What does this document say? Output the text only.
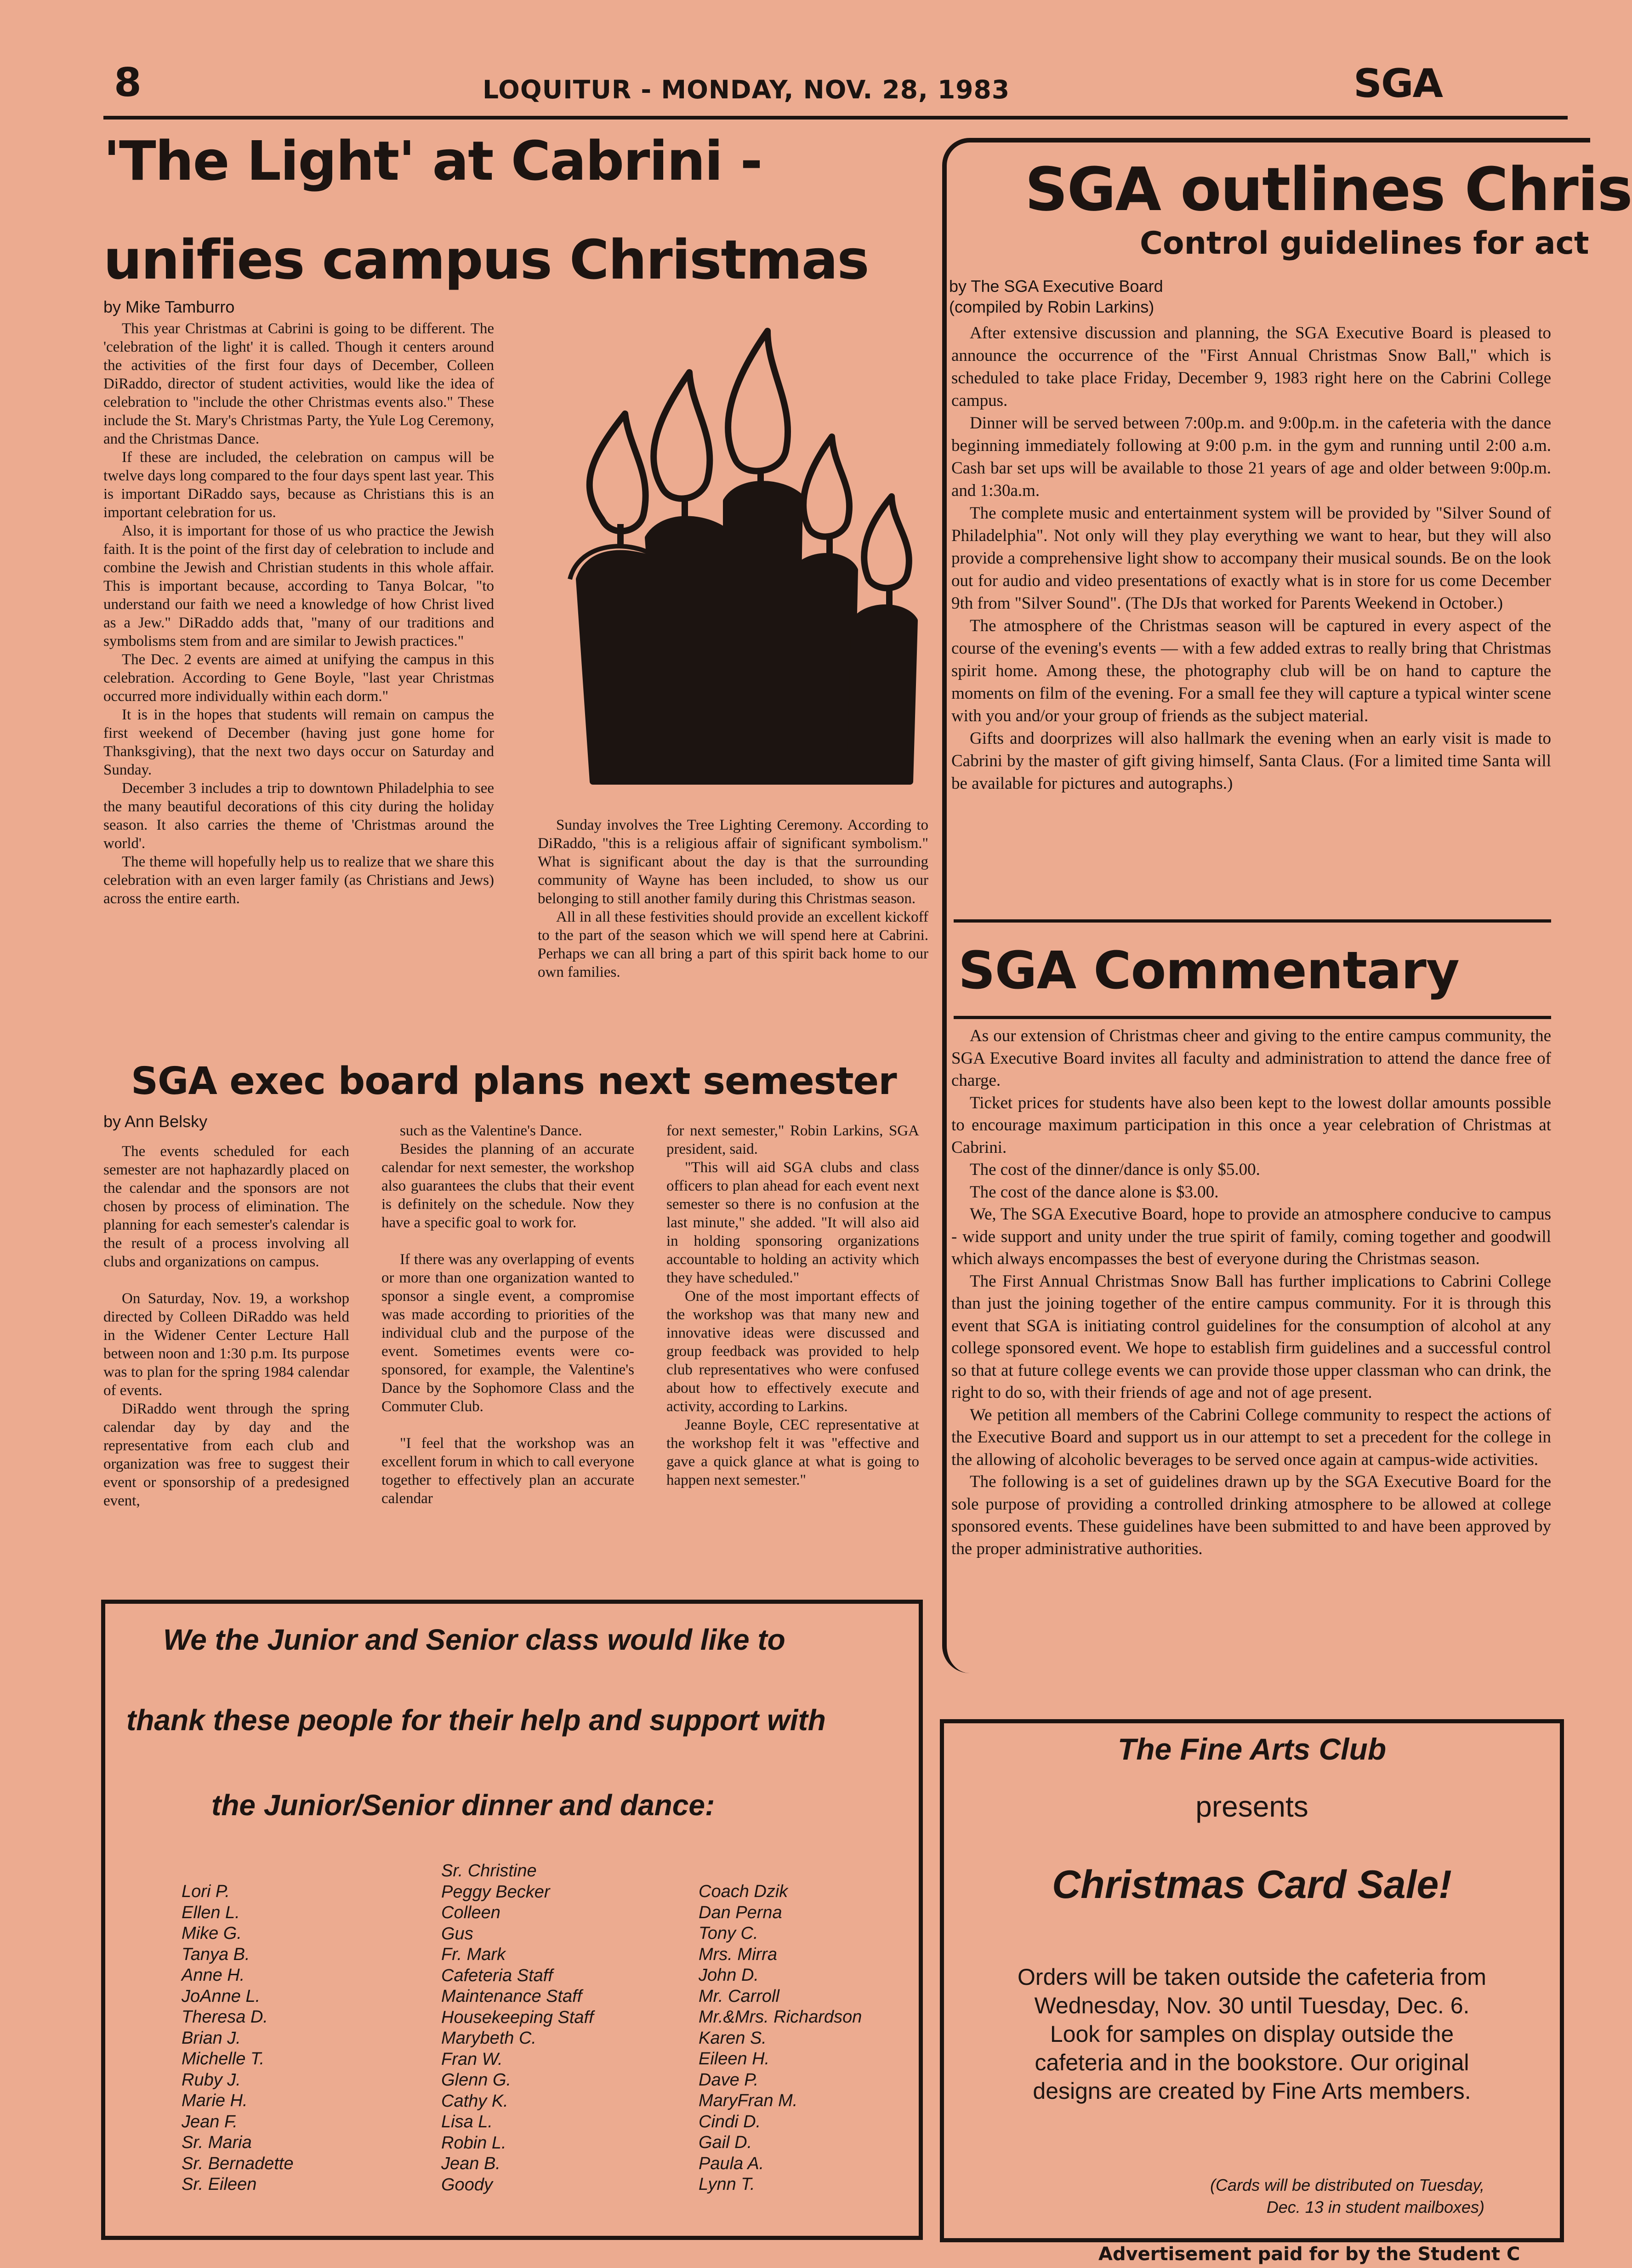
8	LOQUITUR - MONDAY, NOV. 28, 1983	SGA
'The Light' at Cabrini -
unifies campus Christmas
by Mike Tamburro

This year Christmas at Cabrini is going to be different. The 'celebration of the light' it is called. Though it centers around the activities of the first four days of December, Colleen DiRaddo, director of student activities, would like the idea of celebration to "include the other Christmas events also." These include the St. Mary's Christmas Party, the Yule Log Ceremony, and the Christmas Dance.

If these are included, the celebration on campus will be twelve days long compared to the four days spent last year. This is important DiRaddo says, because as Christians this is an important celebration for us.

Also, it is important for those of us who practice the Jewish faith. It is the point of the first day of celebration to include and combine the Jewish and Christian students in this whole affair. This is important because, according to Tanya Bolcar, "to understand our faith we need a knowledge of how Christ lived as a Jew." DiRaddo adds that, "many of our traditions and symbolisms stem from and are similar to Jewish practices."

The Dec. 2 events are aimed at unifying the campus in this celebration. According to Gene Boyle, "last year Christmas occurred more individually within each dorm."

It is in the hopes that students will remain on campus the first weekend of December (having just gone home for Thanksgiving), that the next two days occur on Saturday and Sunday.

December 3 includes a trip to downtown Philadelphia to see the many beautiful decorations of this city during the holiday season. It also carries the theme of 'Christmas around the world'.

The theme will hopefully help us to realize that we share this celebration with an even larger family (as Christians and Jews) across the entire earth.

Sunday involves the Tree Lighting Ceremony. According to DiRaddo, "this is a religious affair of significant symbolism." What is significant about the day is that the surrounding community of Wayne has been included, to show us our belonging to still another family during this Christmas season.

All in all these festivities should provide an excellent kickoff to the part of the season which we will spend here at Cabrini. Perhaps we can all bring a part of this spirit back home to our own families.

SGA exec board plans next semester
by Ann Belsky

The events scheduled for each semester are not haphazardly placed on the calendar and the sponsors are not chosen by process of elimination. The planning for each semester's calendar is the result of a process involving all clubs and organizations on campus.

On Saturday, Nov. 19, a workshop directed by Colleen DiRaddo was held in the Widener Center Lecture Hall between noon and 1:30 p.m. Its purpose was to plan for the spring 1984 calendar of events.

DiRaddo went through the spring calendar day by day and the representative from each club and organization was free to suggest their event or sponsorship of a predesigned event,

such as the Valentine's Dance.

Besides the planning of an accurate calendar for next semester, the workshop also guarantees the clubs that their event is definitely on the schedule. Now they have a specific goal to work for.

If there was any overlapping of events or more than one organization wanted to sponsor a single event, a compromise was made according to priorities of the individual club and the purpose of the event. Sometimes events were co-sponsored, for example, the Valentine's Dance by the Sophomore Class and the Commuter Club.

"I feel that the workshop was an excellent forum in which to call everyone together to effectively plan an accurate calendar

for next semester," Robin Larkins, SGA president, said.

"This will aid SGA clubs and class officers to plan ahead for each event next semester so there is no confusion at the last minute," she added. "It will also aid in holding sponsoring organizations accountable to holding an activity which they have scheduled."

One of the most important effects of the workshop was that many new and innovative ideas were discussed and group feedback was provided to help club representatives who were confused about how to effectively execute and activity, according to Larkins.

Jeanne Boyle, CEC representative at the workshop felt it was "effective and gave a quick glance at what is going to happen next semester."

SGA outlines Chris
Control guidelines for act
by The SGA Executive Board
(compiled by Robin Larkins)

After extensive discussion and planning, the SGA Executive Board is pleased to announce the occurrence of the "First Annual Christmas Snow Ball," which is scheduled to take place Friday, December 9, 1983 right here on the Cabrini College campus.

Dinner will be served between 7:00p.m. and 9:00p.m. in the cafeteria with the dance beginning immediately following at 9:00 p.m. in the gym and running until 2:00 a.m. Cash bar set ups will be available to those 21 years of age and older between 9:00p.m. and 1:30a.m.

The complete music and entertainment system will be provided by "Silver Sound of Philadelphia". Not only will they play everything we want to hear, but they will also provide a comprehensive light show to accompany their musical sounds. Be on the look out for audio and video presentations of exactly what is in store for us come December 9th from "Silver Sound". (The DJs that worked for Parents Weekend in October.)

The atmosphere of the Christmas season will be captured in every aspect of the course of the evening's events — with a few added extras to really bring that Christmas spirit home. Among these, the photography club will be on hand to capture the moments on film of the evening. For a small fee they will capture a typical winter scene with you and/or your group of friends as the subject material.

Gifts and doorprizes will also hallmark the evening when an early visit is made to Cabrini by the master of gift giving himself, Santa Claus. (For a limited time Santa will be available for pictures and autographs.)

SGA Commentary

As our extension of Christmas cheer and giving to the entire campus community, the SGA Executive Board invites all faculty and administration to attend the dance free of charge.

Ticket prices for students have also been kept to the lowest dollar amounts possible to encourage maximum participation in this once a year celebration of Christmas at Cabrini.

The cost of the dinner/dance is only $5.00.

The cost of the dance alone is $3.00.

We, The SGA Executive Board, hope to provide an atmosphere conducive to campus - wide support and unity under the true spirit of family, coming together and goodwill which always encompasses the best of everyone during the Christmas season.

The First Annual Christmas Snow Ball has further implications to Cabrini College than just the joining together of the entire campus community. For it is through this event that SGA is initiating control guidelines for the consumption of alcohol at any college sponsored event. We hope to establish firm guidelines and a successful control so that at future college events we can provide those upper classman who can drink, the right to do so, with their friends of age and not of age present.

We petition all members of the Cabrini College community to respect the actions of the Executive Board and support us in our attempt to set a precedent for the college in the allowing of alcoholic beverages to be served once again at campus-wide activities.

The following is a set of guidelines drawn up by the SGA Executive Board for the sole purpose of providing a controlled drinking atmosphere to be allowed at college sponsored events. These guidelines have been submitted to and have been approved by the proper administrative authorities.

We the Junior and Senior class would like to
thank these people for their help and support with
the Junior/Senior dinner and dance:
Lori P.
Ellen L.
Mike G.
Tanya B.
Anne H.
JoAnne L.
Theresa D.
Brian J.
Michelle T.
Ruby J.
Marie H.
Jean F.
Sr. Maria
Sr. Bernadette
Sr. Eileen
Sr. Christine
Peggy Becker
Colleen
Gus
Fr. Mark
Cafeteria Staff
Maintenance Staff
Housekeeping Staff
Marybeth C.
Fran W.
Glenn G.
Cathy K.
Lisa L.
Robin L.
Jean B.
Goody
Coach Dzik
Dan Perna
Tony C.
Mrs. Mirra
John D.
Mr. Carroll
Mr.&Mrs. Richardson
Karen S.
Eileen H.
Dave P.
MaryFran M.
Cindi D.
Gail D.
Paula A.
Lynn T.
The Fine Arts Club
presents
Christmas Card Sale!
Orders will be taken outside the cafeteria from
Wednesday, Nov. 30 until Tuesday, Dec. 6.
Look for samples on display outside the
cafeteria and in the bookstore. Our original
designs are created by Fine Arts members.
(Cards will be distributed on Tuesday,
Dec. 13 in student mailboxes)
Advertisement paid for by the Student C
